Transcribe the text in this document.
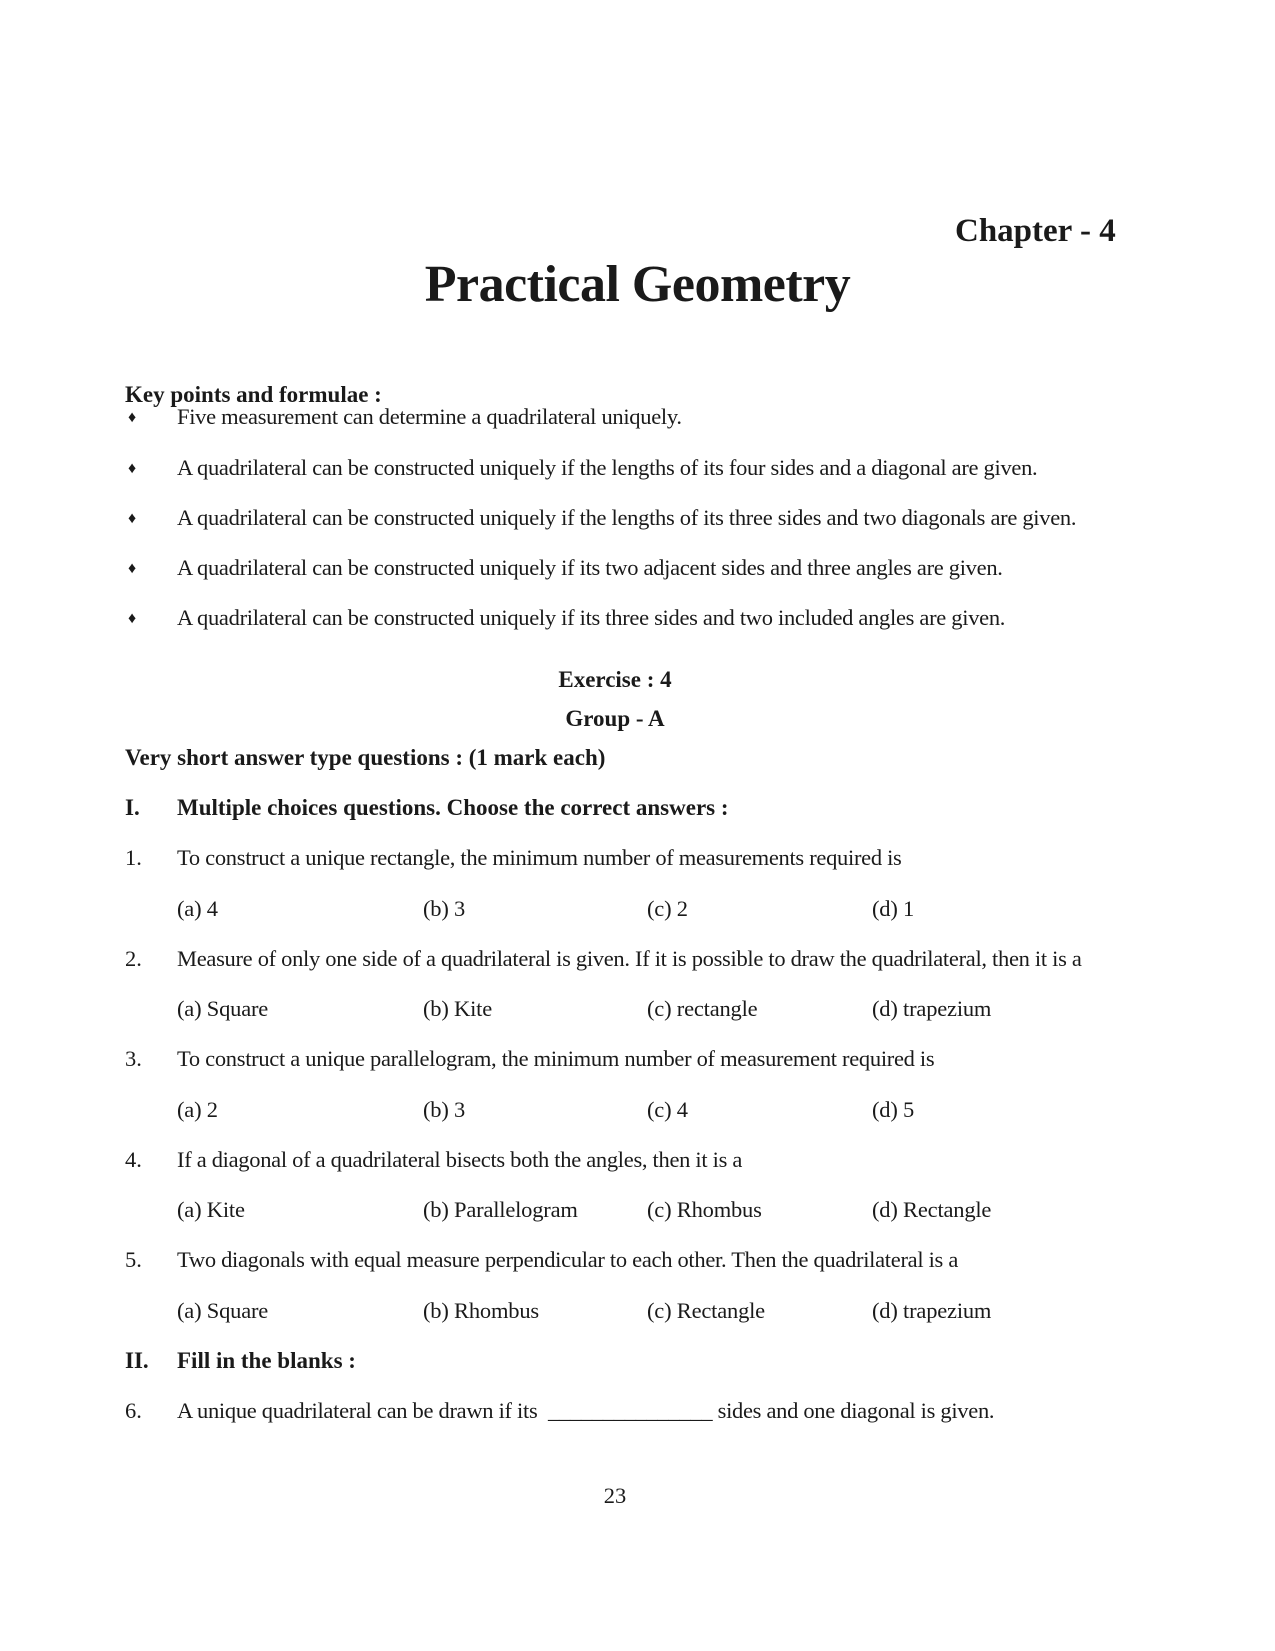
Chapter - 4
Practical Geometry
Key points and formulae :
♦ Five measurement can determine a quadrilateral uniquely.
♦ A quadrilateral can be constructed uniquely if the lengths of its four sides and a diagonal are given.
♦ A quadrilateral can be constructed uniquely if the lengths of its three sides and two diagonals are given.
♦ A quadrilateral can be constructed uniquely if its two adjacent sides and three angles are given.
♦ A quadrilateral can be constructed uniquely if its three sides and two included angles are given.
Exercise : 4
Group - A
Very short answer type questions : (1 mark each)
I. Multiple choices questions. Choose the correct answers :
1. To construct a unique rectangle, the minimum number of measurements required is
(a) 4	(b) 3	(c) 2	(d) 1
2. Measure of only one side of a quadrilateral is given. If it is possible to draw the quadrilateral, then it is a
(a) Square	(b) Kite	(c) rectangle	(d) trapezium
3. To construct a unique parallelogram, the minimum number of measurement required is
(a) 2	(b) 3	(c) 4	(d) 5
4. If a diagonal of a quadrilateral bisects both the angles, then it is a
(a) Kite	(b) Parallelogram	(c) Rhombus	(d) Rectangle
5. Two diagonals with equal measure perpendicular to each other. Then the quadrilateral is a
(a) Square	(b) Rhombus	(c) Rectangle	(d) trapezium
II. Fill in the blanks :
6. A unique quadrilateral can be drawn if its  _______________ sides and one diagonal is given.
23
